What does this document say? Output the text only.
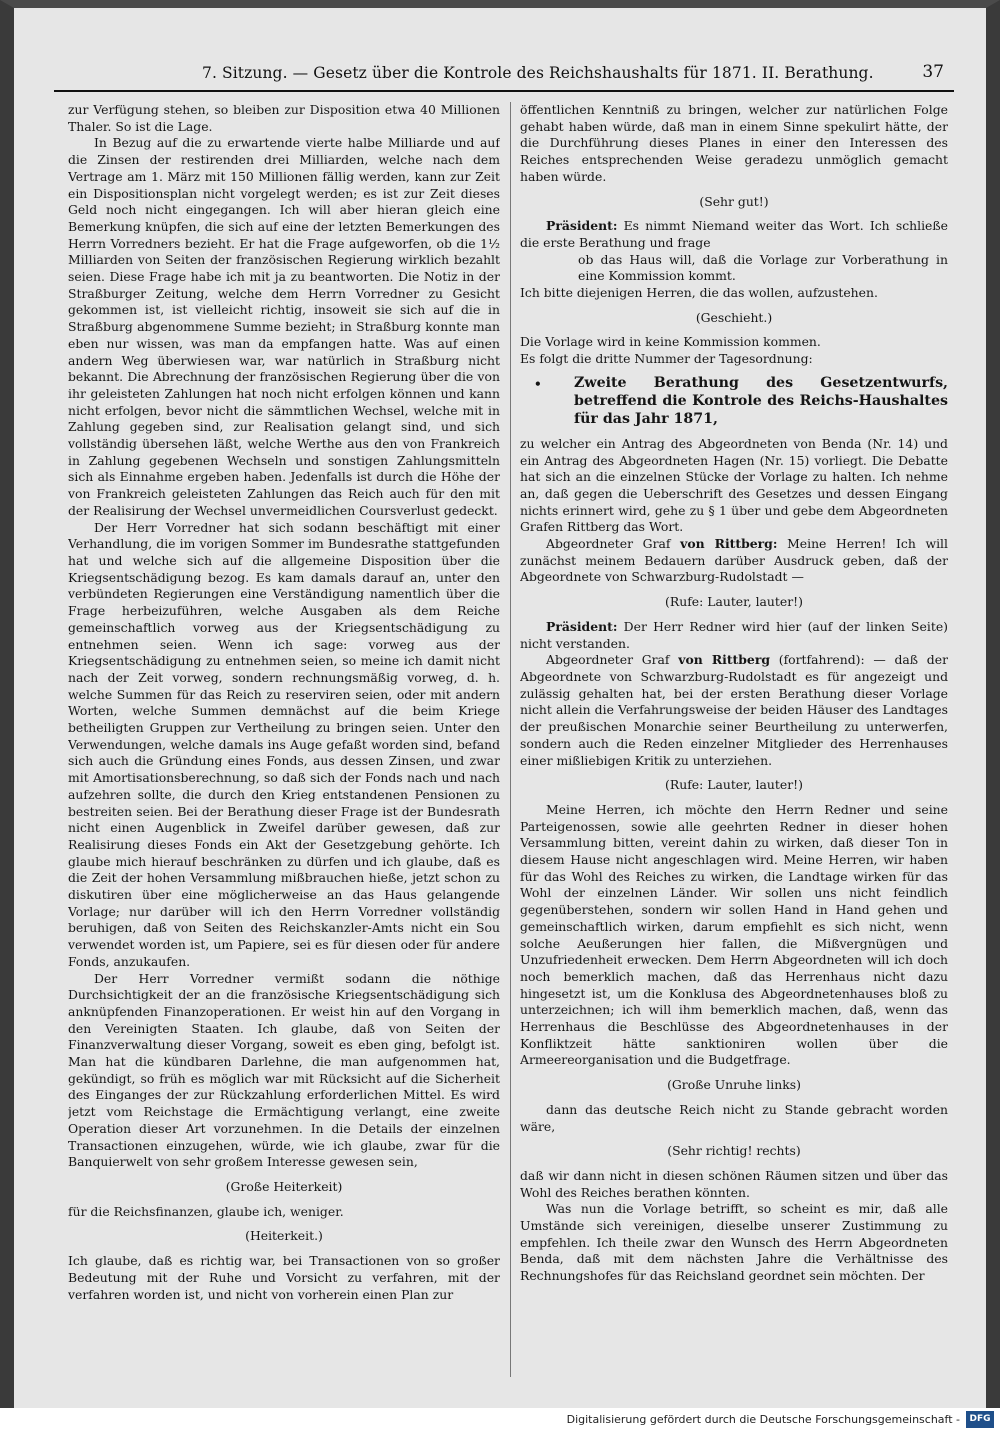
7. Sitzung. — Gesetz über die Kontrole des Reichshaushalts für 1871. II. Berathung.	37

zur Verfügung stehen, so bleiben zur Disposition etwa 40 Millionen Thaler. So ist die Lage.

In Bezug auf die zu erwartende vierte halbe Milliarde und auf die Zinsen der restirenden drei Milliarden, welche nach dem Vertrage am 1. März mit 150 Millionen fällig werden, kann zur Zeit ein Dispositionsplan nicht vorgelegt werden; es ist zur Zeit dieses Geld noch nicht eingegangen. Ich will aber hieran gleich eine Bemerkung knüpfen, die sich auf eine der letzten Bemerkungen des Herrn Vorredners bezieht. Er hat die Frage aufgeworfen, ob die 1½ Milliarden von Seiten der französischen Regierung wirklich bezahlt seien. Diese Frage habe ich mit ja zu beantworten. Die Notiz in der Straßburger Zeitung, welche dem Herrn Vorredner zu Gesicht gekommen ist, ist vielleicht richtig, insoweit sie sich auf die in Straßburg abgenommene Summe bezieht; in Straßburg konnte man eben nur wissen, was man da empfangen hatte. Was auf einen andern Weg überwiesen war, war natürlich in Straßburg nicht bekannt. Die Abrechnung der französischen Regierung über die von ihr geleisteten Zahlungen hat noch nicht erfolgen können und kann nicht erfolgen, bevor nicht die sämmtlichen Wechsel, welche mit in Zahlung gegeben sind, zur Realisation gelangt sind, und sich vollständig übersehen läßt, welche Werthe aus den von Frankreich in Zahlung gegebenen Wechseln und sonstigen Zahlungsmitteln sich als Einnahme ergeben haben. Jedenfalls ist durch die Höhe der von Frankreich geleisteten Zahlungen das Reich auch für den mit der Realisirung der Wechsel unvermeidlichen Coursverlust gedeckt.

Der Herr Vorredner hat sich sodann beschäftigt mit einer Verhandlung, die im vorigen Sommer im Bundesrathe stattgefunden hat und welche sich auf die allgemeine Disposition über die Kriegsentschädigung bezog. Es kam damals darauf an, unter den verbündeten Regierungen eine Verständigung namentlich über die Frage herbeizuführen, welche Ausgaben als dem Reiche gemeinschaftlich vorweg aus der Kriegsentschädigung zu entnehmen seien. Wenn ich sage: vorweg aus der Kriegsentschädigung zu entnehmen seien, so meine ich damit nicht nach der Zeit vorweg, sondern rechnungsmäßig vorweg, d. h. welche Summen für das Reich zu reserviren seien, oder mit andern Worten, welche Summen demnächst auf die beim Kriege betheiligten Gruppen zur Vertheilung zu bringen seien. Unter den Verwendungen, welche damals ins Auge gefaßt worden sind, befand sich auch die Gründung eines Fonds, aus dessen Zinsen, und zwar mit Amortisationsberechnung, so daß sich der Fonds nach und nach aufzehren sollte, die durch den Krieg entstandenen Pensionen zu bestreiten seien. Bei der Berathung dieser Frage ist der Bundesrath nicht einen Augenblick in Zweifel darüber gewesen, daß zur Realisirung dieses Fonds ein Akt der Gesetzgebung gehörte. Ich glaube mich hierauf beschränken zu dürfen und ich glaube, daß es die Zeit der hohen Versammlung mißbrauchen hieße, jetzt schon zu diskutiren über eine möglicherweise an das Haus gelangende Vorlage; nur darüber will ich den Herrn Vorredner vollständig beruhigen, daß von Seiten des Reichskanzler-Amts nicht ein Sou verwendet worden ist, um Papiere, sei es für diesen oder für andere Fonds, anzukaufen.

Der Herr Vorredner vermißt sodann die nöthige Durchsichtigkeit der an die französische Kriegsentschädigung sich anknüpfenden Finanzoperationen. Er weist hin auf den Vorgang in den Vereinigten Staaten. Ich glaube, daß von Seiten der Finanzverwaltung dieser Vorgang, soweit es eben ging, befolgt ist. Man hat die kündbaren Darlehne, die man aufgenommen hat, gekündigt, so früh es möglich war mit Rücksicht auf die Sicherheit des Einganges der zur Rückzahlung erforderlichen Mittel. Es wird jetzt vom Reichstage die Ermächtigung verlangt, eine zweite Operation dieser Art vorzunehmen. In die Details der einzelnen Transactionen einzugehen, würde, wie ich glaube, zwar für die Banquierwelt von sehr großem Interesse gewesen sein,

(Große Heiterkeit)

für die Reichsfinanzen, glaube ich, weniger.

(Heiterkeit.)

Ich glaube, daß es richtig war, bei Transactionen von so großer Bedeutung mit der Ruhe und Vorsicht zu verfahren, mit der verfahren worden ist, und nicht von vorherein einen Plan zur

öffentlichen Kenntniß zu bringen, welcher zur natürlichen Folge gehabt haben würde, daß man in einem Sinne spekulirt hätte, der die Durchführung dieses Planes in einer den Interessen des Reiches entsprechenden Weise geradezu unmöglich gemacht haben würde.

(Sehr gut!)

Präsident: Es nimmt Niemand weiter das Wort. Ich schließe die erste Berathung und frage

ob das Haus will, daß die Vorlage zur Vorberathung in eine Kommission kommt.

Ich bitte diejenigen Herren, die das wollen, aufzustehen.

(Geschieht.)

Die Vorlage wird in keine Kommission kommen.

Es folgt die dritte Nummer der Tagesordnung:

• Zweite Berathung des Gesetzentwurfs, betreffend die Kontrole des Reichs-Haushaltes für das Jahr 1871,

zu welcher ein Antrag des Abgeordneten von Benda (Nr. 14) und ein Antrag des Abgeordneten Hagen (Nr. 15) vorliegt. Die Debatte hat sich an die einzelnen Stücke der Vorlage zu halten. Ich nehme an, daß gegen die Ueberschrift des Gesetzes und dessen Eingang nichts erinnert wird, gehe zu § 1 über und gebe dem Abgeordneten Grafen Rittberg das Wort.

Abgeordneter Graf von Rittberg: Meine Herren! Ich will zunächst meinem Bedauern darüber Ausdruck geben, daß der Abgeordnete von Schwarzburg-Rudolstadt —

(Rufe: Lauter, lauter!)

Präsident: Der Herr Redner wird hier (auf der linken Seite) nicht verstanden.

Abgeordneter Graf von Rittberg (fortfahrend): — daß der Abgeordnete von Schwarzburg-Rudolstadt es für angezeigt und zulässig gehalten hat, bei der ersten Berathung dieser Vorlage nicht allein die Verfahrungsweise der beiden Häuser des Landtages der preußischen Monarchie seiner Beurtheilung zu unterwerfen, sondern auch die Reden einzelner Mitglieder des Herrenhauses einer mißliebigen Kritik zu unterziehen.

(Rufe: Lauter, lauter!)

Meine Herren, ich möchte den Herrn Redner und seine Parteigenossen, sowie alle geehrten Redner in dieser hohen Versammlung bitten, vereint dahin zu wirken, daß dieser Ton in diesem Hause nicht angeschlagen wird. Meine Herren, wir haben für das Wohl des Reiches zu wirken, die Landtage wirken für das Wohl der einzelnen Länder. Wir sollen uns nicht feindlich gegenüberstehen, sondern wir sollen Hand in Hand gehen und gemeinschaftlich wirken, darum empfiehlt es sich nicht, wenn solche Aeußerungen hier fallen, die Mißvergnügen und Unzufriedenheit erwecken. Dem Herrn Abgeordneten will ich doch noch bemerklich machen, daß das Herrenhaus nicht dazu hingesetzt ist, um die Konklusa des Abgeordnetenhauses bloß zu unterzeichnen; ich will ihm bemerklich machen, daß, wenn das Herrenhaus die Beschlüsse des Abgeordnetenhauses in der Konfliktzeit hätte sanktioniren wollen über die Armeereorganisation und die Budgetfrage.

(Große Unruhe links)

dann das deutsche Reich nicht zu Stande gebracht worden wäre,

(Sehr richtig! rechts)

daß wir dann nicht in diesen schönen Räumen sitzen und über das Wohl des Reiches berathen könnten.

Was nun die Vorlage betrifft, so scheint es mir, daß alle Umstände sich vereinigen, dieselbe unserer Zustimmung zu empfehlen. Ich theile zwar den Wunsch des Herrn Abgeordneten Benda, daß mit dem nächsten Jahre die Verhältnisse des Rechnungshofes für das Reichsland geordnet sein möchten. Der

Digitalisierung gefördert durch die Deutsche Forschungsgemeinschaft -	DFG
